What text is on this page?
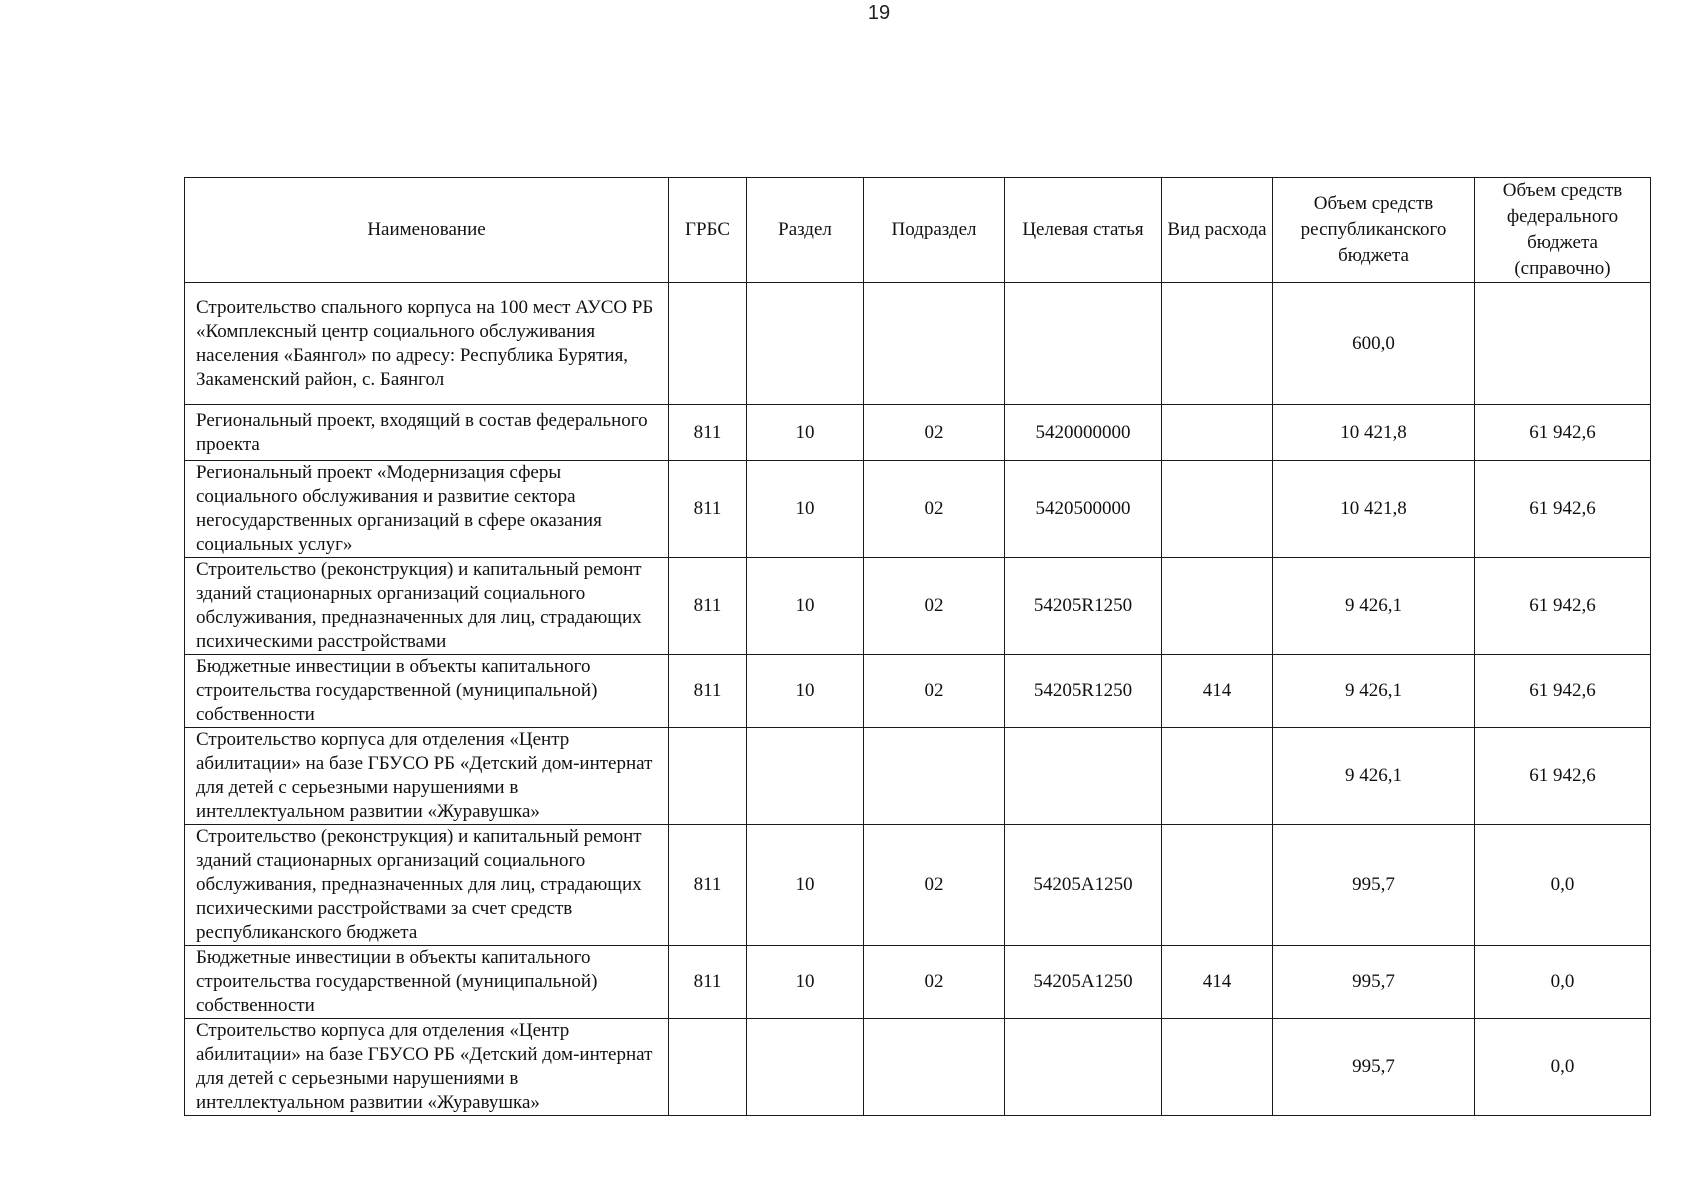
19
Наименование	ГРБС	Раздел	Подраздел	Целевая статья	Вид расхода	Объем средств республиканского бюджета	Объем средств федерального бюджета (справочно)
Строительство спального корпуса на 100 мест АУСО РБ «Комплексный центр социального обслуживания населения «Баянгол» по адресу: Республика Бурятия, Закаменский район, с. Баянгол						600,0	
Региональный проект, входящий в состав федерального проекта	811	10	02	5420000000		10 421,8	61 942,6
Региональный проект «Модернизация сферы социального обслуживания и развитие сектора негосударственных организаций в сфере оказания социальных услуг»	811	10	02	5420500000		10 421,8	61 942,6
Строительство (реконструкция) и капитальный ремонт зданий стационарных организаций социального обслуживания, предназначенных для лиц, страдающих психическими расстройствами	811	10	02	54205R1250		9 426,1	61 942,6
Бюджетные инвестиции в объекты капитального строительства государственной (муниципальной) собственности	811	10	02	54205R1250	414	9 426,1	61 942,6
Строительство корпуса для отделения «Центр абилитации» на базе ГБУСО РБ «Детский дом-интернат для детей с серьезными нарушениями в интеллектуальном развитии «Журавушка»						9 426,1	61 942,6
Строительство (реконструкция) и капитальный ремонт зданий стационарных организаций социального обслуживания, предназначенных для лиц, страдающих психическими расстройствами за счет средств республиканского бюджета	811	10	02	54205А1250		995,7	0,0
Бюджетные инвестиции в объекты капитального строительства государственной (муниципальной) собственности	811	10	02	54205А1250	414	995,7	0,0
Строительство корпуса для отделения «Центр абилитации» на базе ГБУСО РБ «Детский дом-интернат для детей с серьезными нарушениями в интеллектуальном развитии «Журавушка»						995,7	0,0
